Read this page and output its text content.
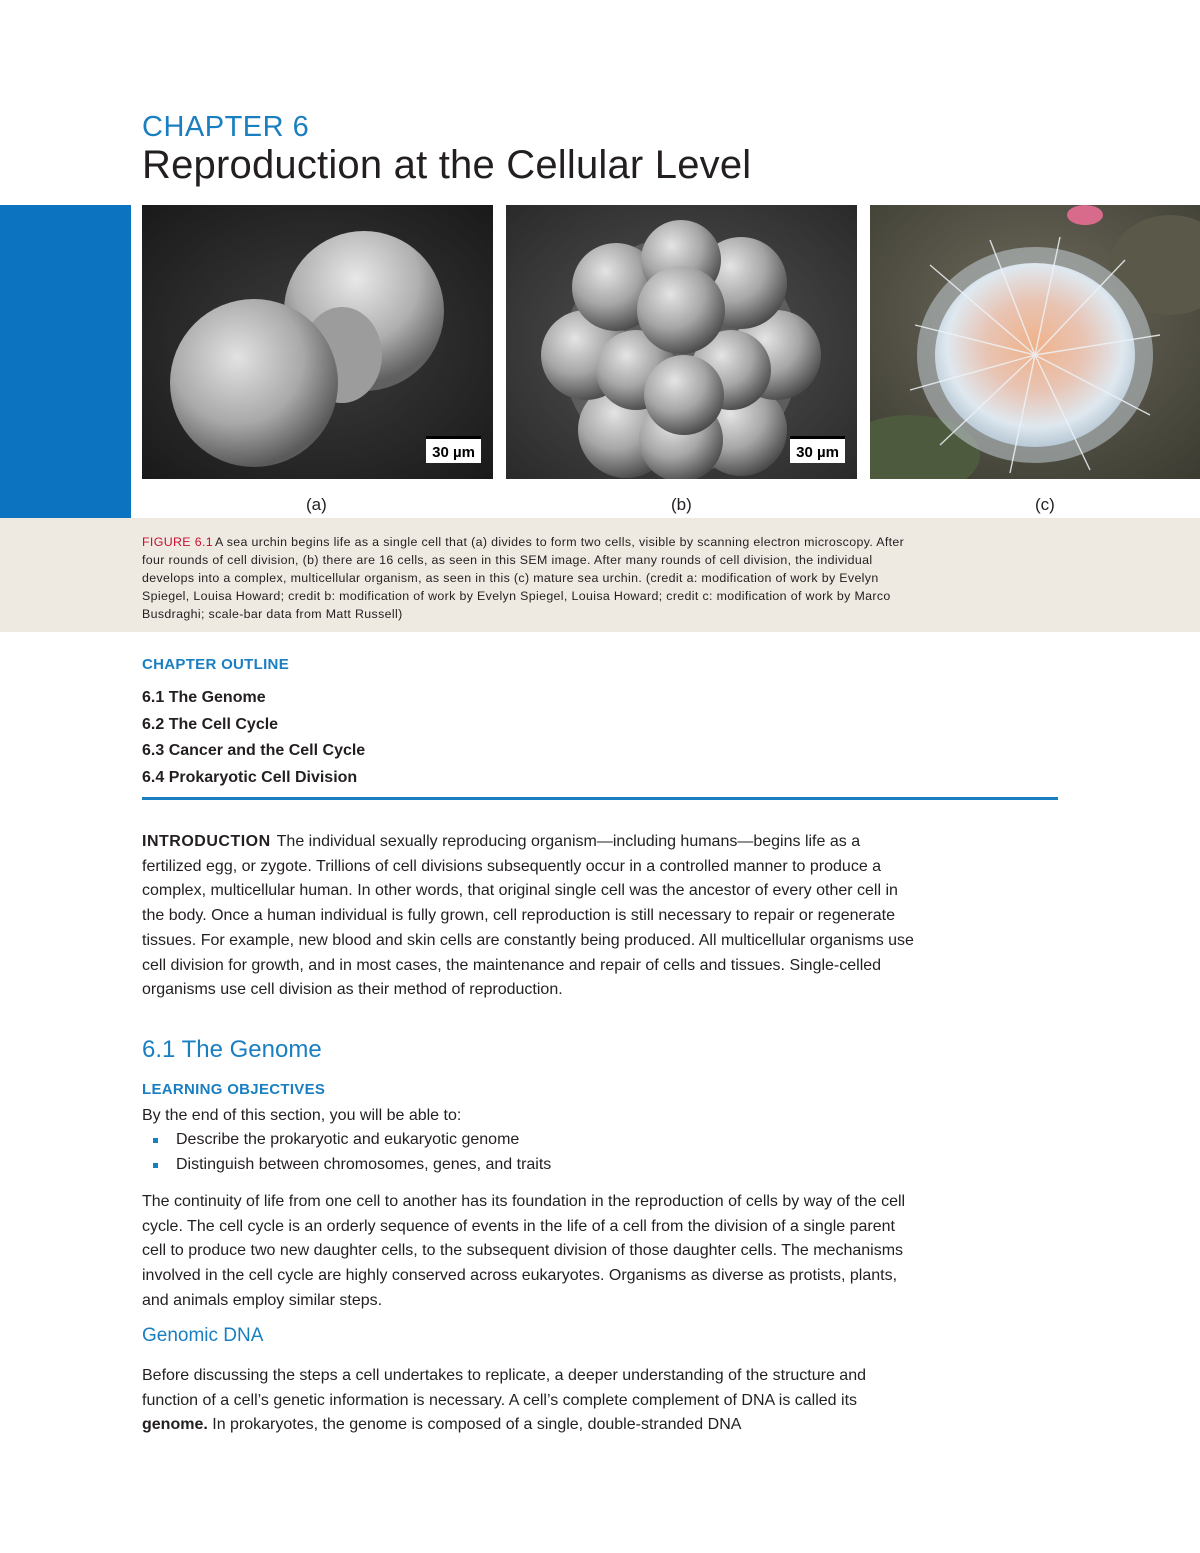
CHAPTER 6
Reproduction at the Cellular Level
30 µm	30 µm
(a)	(b)	(c)

FIGURE 6.1 A sea urchin begins life as a single cell that (a) divides to form two cells, visible by scanning electron microscopy. After four rounds of cell division, (b) there are 16 cells, as seen in this SEM image. After many rounds of cell division, the individual develops into a complex, multicellular organism, as seen in this (c) mature sea urchin. (credit a: modification of work by Evelyn Spiegel, Louisa Howard; credit b: modification of work by Evelyn Spiegel, Louisa Howard; credit c: modification of work by Marco Busdraghi; scale-bar data from Matt Russell)

CHAPTER OUTLINE
6.1 The Genome
6.2 The Cell Cycle
6.3 Cancer and the Cell Cycle
6.4 Prokaryotic Cell Division

INTRODUCTION The individual sexually reproducing organism—including humans—begins life as a fertilized egg, or zygote. Trillions of cell divisions subsequently occur in a controlled manner to produce a complex, multicellular human. In other words, that original single cell was the ancestor of every other cell in the body. Once a human individual is fully grown, cell reproduction is still necessary to repair or regenerate tissues. For example, new blood and skin cells are constantly being produced. All multicellular organisms use cell division for growth, and in most cases, the maintenance and repair of cells and tissues. Single-celled organisms use cell division as their method of reproduction.

6.1 The Genome
LEARNING OBJECTIVES

By the end of this section, you will be able to:

Describe the prokaryotic and eukaryotic genome
Distinguish between chromosomes, genes, and traits

The continuity of life from one cell to another has its foundation in the reproduction of cells by way of the cell cycle. The cell cycle is an orderly sequence of events in the life of a cell from the division of a single parent cell to produce two new daughter cells, to the subsequent division of those daughter cells. The mechanisms involved in the cell cycle are highly conserved across eukaryotes. Organisms as diverse as protists, plants, and animals employ similar steps.

Genomic DNA

Before discussing the steps a cell undertakes to replicate, a deeper understanding of the structure and function of a cell’s genetic information is necessary. A cell’s complete complement of DNA is called its genome. In prokaryotes, the genome is composed of a single, double-stranded DNA
